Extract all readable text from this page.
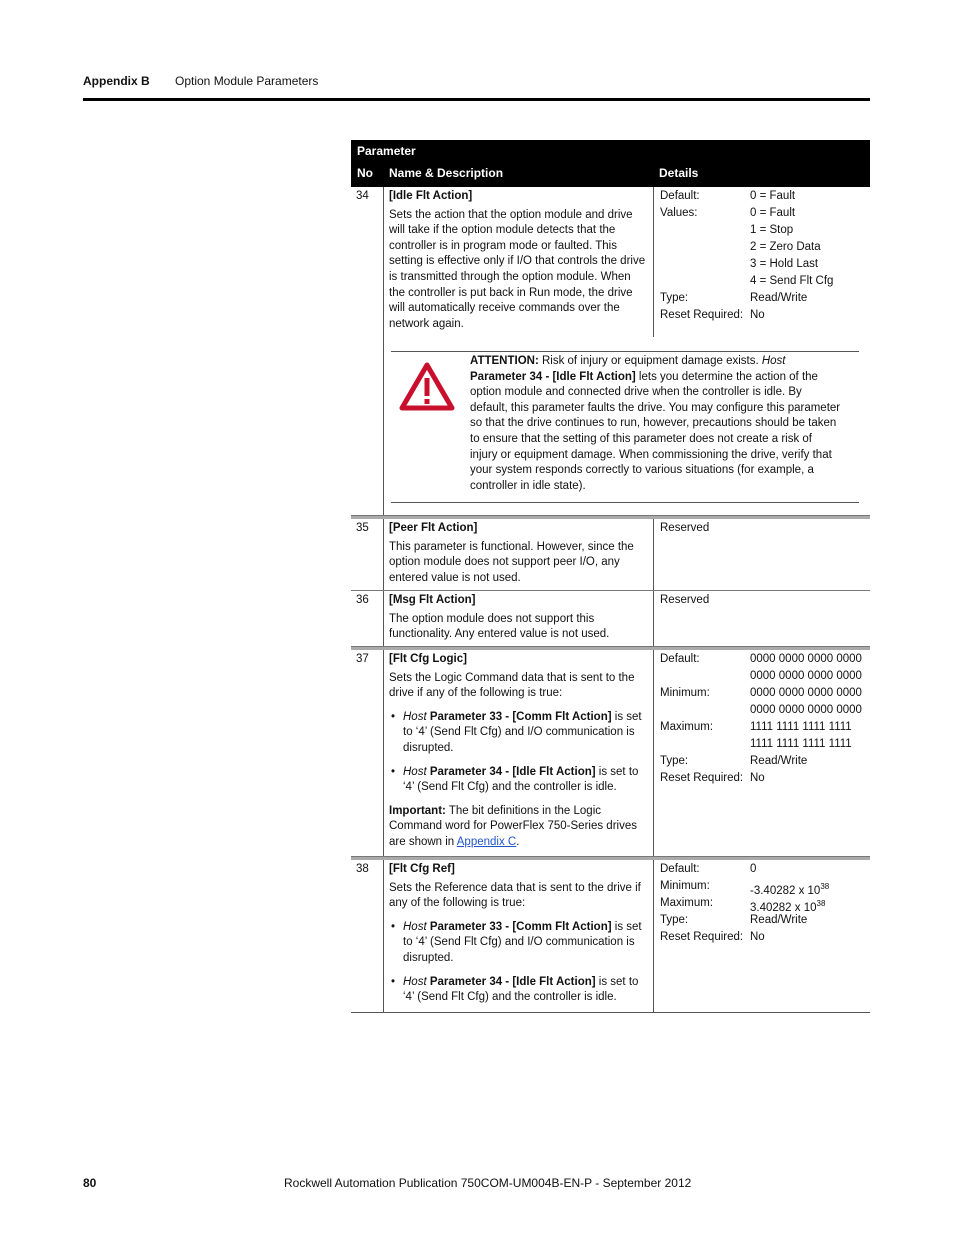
Appendix B Option Module Parameters
Parameter
No Name & Description	Details
34 [Idle Flt Action]
Sets the action that the option module and drive will take if the option module detects that the controller is in program mode or faulted. This setting is effective only if I/O that controls the drive is transmitted through the option module. When the controller is put back in Run mode, the drive will automatically receive commands over the network again.
Default:	0 = Fault
Values:	0 = Fault
1 = Stop
2 = Zero Data
3 = Hold Last
4 = Send Flt Cfg
Type:	Read/Write
Reset Required: No
ATTENTION: Risk of injury or equipment damage exists. Host
Parameter 34 - [Idle Flt Action] lets you determine the action of the option module and connected drive when the controller is idle. By default, this parameter faults the drive. You may configure this parameter so that the drive continues to run, however, precautions should be taken to ensure that the setting of this parameter does not create a risk of injury or equipment damage. When commissioning the drive, verify that your system responds correctly to various situations (for example, a controller in idle state).
35 [Peer Flt Action]
This parameter is functional. However, since the option module does not support peer I/O, any entered value is not used.
Reserved
36 [Msg Flt Action]
The option module does not support this functionality. Any entered value is not used.
Reserved
37 [Flt Cfg Logic]
Sets the Logic Command data that is sent to the drive if any of the following is true:
• Host Parameter 33 - [Comm Flt Action] is set to ‘4’ (Send Flt Cfg) and I/O communication is disrupted.
• Host Parameter 34 - [Idle Flt Action] is set to ‘4’ (Send Flt Cfg) and the controller is idle.
Important: The bit definitions in the Logic Command word for PowerFlex 750-Series drives are shown in Appendix C.
Default:	0000 0000 0000 0000
0000 0000 0000 0000
Minimum:	0000 0000 0000 0000
0000 0000 0000 0000
Maximum:	1111 1111 1111 1111
1111 1111 1111 1111
Type:	Read/Write
Reset Required: No
38 [Flt Cfg Ref]
Sets the Reference data that is sent to the drive if any of the following is true:
• Host Parameter 33 - [Comm Flt Action] is set to ‘4’ (Send Flt Cfg) and I/O communication is disrupted.
• Host Parameter 34 - [Idle Flt Action] is set to ‘4’ (Send Flt Cfg) and the controller is idle.
Default:	0
Minimum:	-3.40282 x $10^{38}$
Maximum:	3.40282 x $10^{38}$
Type:	Read/Write
Reset Required: No
80	Rockwell Automation Publication 750COM-UM004B-EN-P - September 2012
